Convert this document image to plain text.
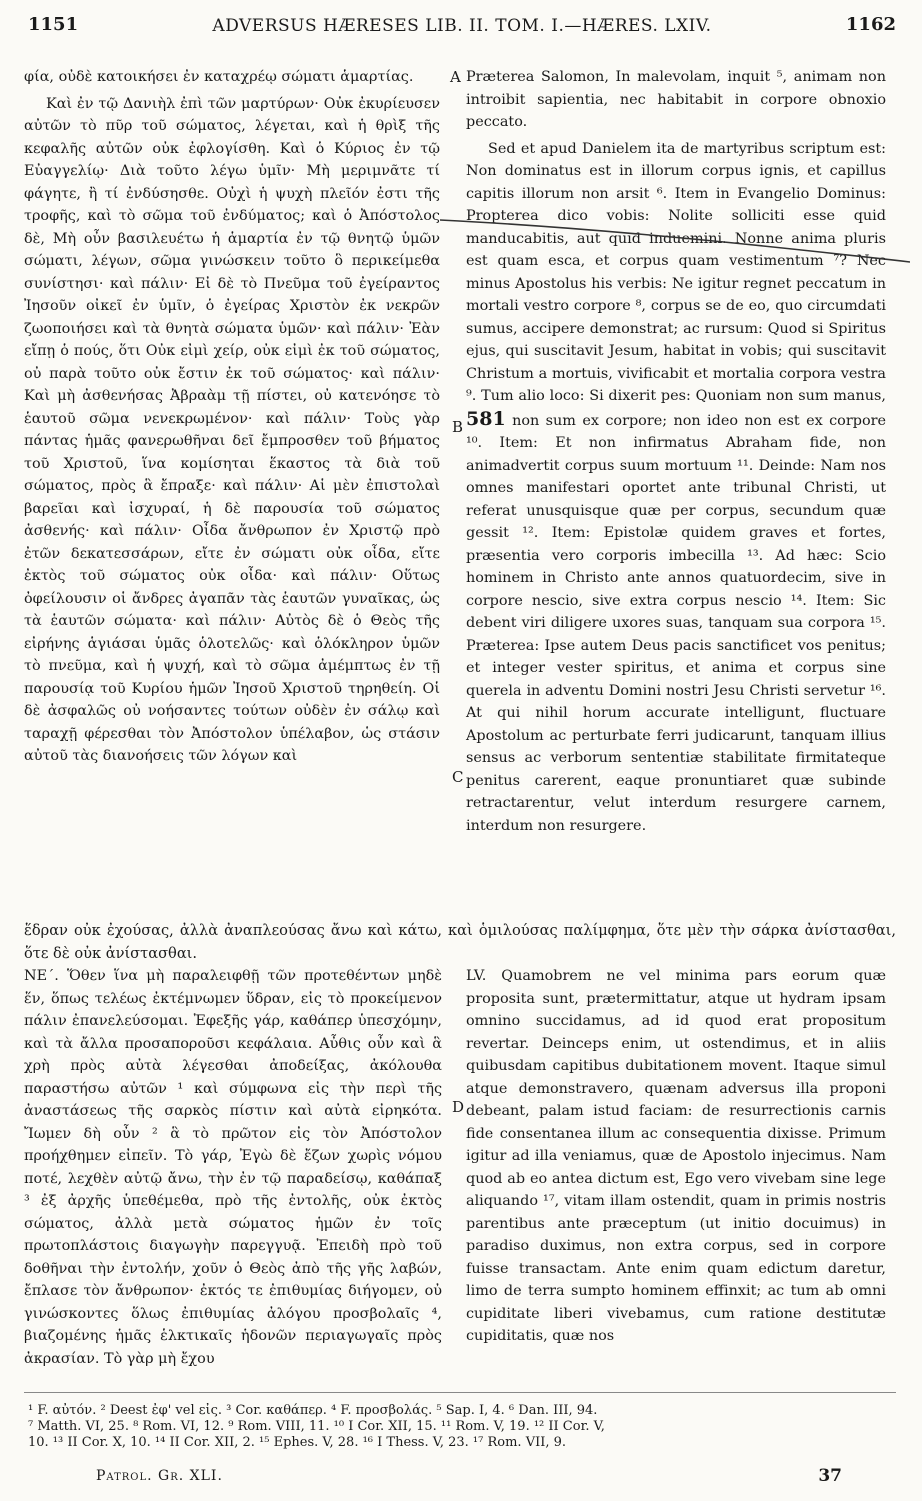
1151	ADVERSUS HÆRESES LIB. II. TOM. I.—HÆRES. LXIV.	1162

φία, οὐδὲ κατοικήσει ἐν καταχρέῳ σώματι ἁμαρτίας.

Καὶ ἐν τῷ Δανιὴλ ἐπὶ τῶν μαρτύρων· Οὐκ ἐκυρίευσεν αὐτῶν τὸ πῦρ τοῦ σώματος, λέγεται, καὶ ἡ θρὶξ τῆς κεφαλῆς αὐτῶν οὐκ ἐφλογίσθη. Καὶ ὁ Κύριος ἐν τῷ Εὐαγγελίῳ· Διὰ τοῦτο λέγω ὑμῖν· Μὴ μεριμνᾶτε τί φάγητε, ἢ τί ἐνδύσησθε. Οὐχὶ ἡ ψυχὴ πλεῖόν ἐστι τῆς τροφῆς, καὶ τὸ σῶμα τοῦ ἐνδύματος; καὶ ὁ Ἀπόστολος δὲ, Μὴ οὖν βασιλευέτω ἡ ἁμαρτία ἐν τῷ θνητῷ ὑμῶν σώματι, λέγων, σῶμα γινώσκειν τοῦτο ὃ περικείμεθα συνίστησι· καὶ πάλιν· Εἰ δὲ τὸ Πνεῦμα τοῦ ἐγείραντος Ἰησοῦν οἰκεῖ ἐν ὑμῖν, ὁ ἐγείρας Χριστὸν ἐκ νεκρῶν ζωοποιήσει καὶ τὰ θνητὰ σώματα ὑμῶν· καὶ πάλιν· Ἐὰν εἴπῃ ὁ πούς, ὅτι Οὐκ εἰμὶ χείρ, οὐκ εἰμὶ ἐκ τοῦ σώματος, οὐ παρὰ τοῦτο οὐκ ἔστιν ἐκ τοῦ σώματος· καὶ πάλιν· Καὶ μὴ ἀσθενήσας Ἀβραὰμ τῇ πίστει, οὐ κατενόησε τὸ ἑαυτοῦ σῶμα νενεκρωμένον· καὶ πάλιν· Τοὺς γὰρ πάντας ἡμᾶς φανερωθῆναι δεῖ ἔμπροσθεν τοῦ βήματος τοῦ Χριστοῦ, ἵνα κομίσηται ἕκαστος τὰ διὰ τοῦ σώματος, πρὸς ἃ ἔπραξε· καὶ πάλιν· Αἱ μὲν ἐπιστολαὶ βαρεῖαι καὶ ἰσχυραί, ἡ δὲ παρουσία τοῦ σώματος ἀσθενής· καὶ πάλιν· Οἶδα ἄνθρωπον ἐν Χριστῷ πρὸ ἐτῶν δεκατεσσάρων, εἴτε ἐν σώματι οὐκ οἶδα, εἴτε ἐκτὸς τοῦ σώματος οὐκ οἶδα· καὶ πάλιν· Οὕτως ὀφείλουσιν οἱ ἄνδρες ἀγαπᾶν τὰς ἑαυτῶν γυναῖκας, ὡς τὰ ἑαυτῶν σώματα· καὶ πάλιν· Αὐτὸς δὲ ὁ Θεὸς τῆς εἰρήνης ἁγιάσαι ὑμᾶς ὁλοτελῶς· καὶ ὁλόκληρον ὑμῶν τὸ πνεῦμα, καὶ ἡ ψυχή, καὶ τὸ σῶμα ἀμέμπτως ἐν τῇ παρουσίᾳ τοῦ Κυρίου ἡμῶν Ἰησοῦ Χριστοῦ τηρηθείη. Οἱ δὲ ἀσφαλῶς οὐ νοήσαντες τούτων οὐδὲν ἐν σάλῳ καὶ ταραχῇ φέρεσθαι τὸν Ἀπόστολον ὑπέλαβον, ὡς στάσιν αὐτοῦ τὰς διανοήσεις τῶν λόγων καὶ

Præterea Salomon, In malevolam, inquit ⁵, animam non introibit sapientia, nec habitabit in corpore obnoxio peccato.

Sed et apud Danielem ita de martyribus scriptum est: Non dominatus est in illorum corpus ignis, et capillus capitis illorum non arsit ⁶. Item in Evangelio Dominus: Propterea dico vobis: Nolite solliciti esse quid manducabitis, aut quid induemini. Nonne anima pluris est quam esca, et corpus quam vestimentum ⁷? Nec minus Apostolus his verbis: Ne igitur regnet peccatum in mortali vestro corpore ⁸, corpus se de eo, quo circumdati sumus, accipere demonstrat; ac rursum: Quod si Spiritus ejus, qui suscitavit Jesum, habitat in vobis; qui suscitavit Christum a mortuis, vivificabit et mortalia corpora vestra ⁹. Tum alio loco: Si dixerit pes: Quoniam non sum manus, 581 non sum ex corpore; non ideo non est ex corpore ¹⁰. Item: Et non infirmatus Abraham fide, non animadvertit corpus suum mortuum ¹¹. Deinde: Nam nos omnes manifestari oportet ante tribunal Christi, ut referat unusquisque quæ per corpus, secundum quæ gessit ¹². Item: Epistolæ quidem graves et fortes, præsentia vero corporis imbecilla ¹³. Ad hæc: Scio hominem in Christo ante annos quatuordecim, sive in corpore nescio, sive extra corpus nescio ¹⁴. Item: Sic debent viri diligere uxores suas, tanquam sua corpora ¹⁵. Præterea: Ipse autem Deus pacis sanctificet vos penitus; et integer vester spiritus, et anima et corpus sine querela in adventu Domini nostri Jesu Christi servetur ¹⁶. At qui nihil horum accurate intelligunt, fluctuare Apostolum ac perturbate ferri judicarunt, tanquam illius sensus ac verborum sententiæ stabilitate firmitateque penitus carerent, eaque pronuntiaret quæ subinde retractarentur, velut interdum resurgere carnem, interdum non resurgere.

ἕδραν οὐκ ἐχούσας, ἀλλὰ ἀναπλεούσας ἄνω καὶ κάτω, καὶ ὁμιλούσας παλίμφημα, ὅτε μὲν τὴν σάρκα ἀνίστασθαι, ὅτε δὲ οὐκ ἀνίστασθαι.

ΝΕ΄. Ὅθεν ἵνα μὴ παραλειφθῇ τῶν προτεθέντων μηδὲ ἕν, ὅπως τελέως ἐκτέμνωμεν ὕδραν, εἰς τὸ προκείμενον πάλιν ἐπανελεύσομαι. Ἐφεξῆς γάρ, καθάπερ ὑπεσχόμην, καὶ τὰ ἄλλα προσαποροῦσι κεφάλαια. Αὖθις οὖν καὶ ἃ χρὴ πρὸς αὐτὰ λέγεσθαι ἀποδείξας, ἀκόλουθα παραστήσω αὐτῶν ¹ καὶ σύμφωνα εἰς τὴν περὶ τῆς ἀναστάσεως τῆς σαρκὸς πίστιν καὶ αὐτὰ εἰρηκότα. Ἴωμεν δὴ οὖν ² ἃ τὸ πρῶτον εἰς τὸν Ἀπόστολον προήχθημεν εἰπεῖν. Τὸ γάρ, Ἐγὼ δὲ ἔζων χωρὶς νόμου ποτέ, λεχθὲν αὐτῷ ἄνω, τὴν ἐν τῷ παραδείσῳ, καθάπαξ ³ ἐξ ἀρχῆς ὑπεθέμεθα, πρὸ τῆς ἐντολῆς, οὐκ ἐκτὸς σώματος, ἀλλὰ μετὰ σώματος ἡμῶν ἐν τοῖς πρωτοπλάστοις διαγωγὴν παρεγγυᾷ. Ἐπειδὴ πρὸ τοῦ δοθῆναι τὴν ἐντολήν, χοῦν ὁ Θεὸς ἀπὸ τῆς γῆς λαβών, ἔπλασε τὸν ἄνθρωπον· ἐκτός τε ἐπιθυμίας διήγομεν, οὐ γινώσκοντες ὅλως ἐπιθυμίας ἀλόγου προσβολαῖς ⁴, βιαζομένης ἡμᾶς ἑλκτικαῖς ἡδονῶν περιαγωγαῖς πρὸς ἀκρασίαν. Τὸ γὰρ μὴ ἔχου

LV. Quamobrem ne vel minima pars eorum quæ proposita sunt, prætermittatur, atque ut hydram ipsam omnino succidamus, ad id quod erat propositum revertar. Deinceps enim, ut ostendimus, et in aliis quibusdam capitibus dubitationem movent. Itaque simul atque demonstravero, quænam adversus illa proponi debeant, palam istud faciam: de resurrectionis carnis fide consentanea illum ac consequentia dixisse. Primum igitur ad illa veniamus, quæ de Apostolo injecimus. Nam quod ab eo antea dictum est, Ego vero vivebam sine lege aliquando ¹⁷, vitam illam ostendit, quam in primis nostris parentibus ante præceptum (ut initio docuimus) in paradiso duximus, non extra corpus, sed in corpore fuisse transactam. Ante enim quam edictum daretur, limo de terra sumpto hominem effinxit; ac tum ab omni cupiditate liberi vivebamus, cum ratione destitutæ cupiditatis, quæ nos

A
B
C
D
¹ F. αὐτόν. ² Deest ἐφ' vel εἰς. ³ Cor. καθάπερ. ⁴ F. προσβολάς. ⁵ Sap. I, 4. ⁶ Dan. III, 94.
⁷ Matth. VI, 25. ⁸ Rom. VI, 12. ⁹ Rom. VIII, 11. ¹⁰ I Cor. XII, 15. ¹¹ Rom. V, 19. ¹² II Cor. V,
10. ¹³ II Cor. X, 10. ¹⁴ II Cor. XII, 2. ¹⁵ Ephes. V, 28. ¹⁶ I Thess. V, 23. ¹⁷ Rom. VII, 9.
Patrol. Gr. XLI.	37
